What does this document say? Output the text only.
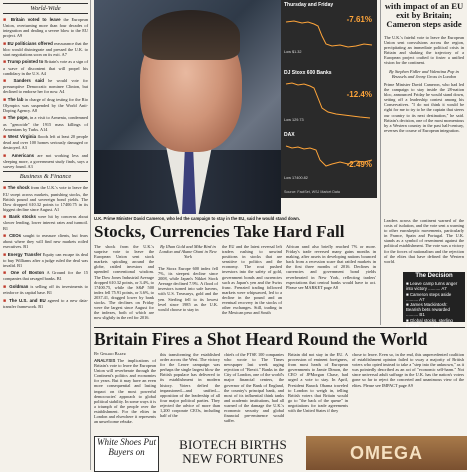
World-Wide

■ Britain voted to leave the European Union, overturning more than four decades of integration and dealing a severe blow to the EU project. A9

■ EU politicians offered reassurance that the bloc would disintegrate and pressed the U.K. to start negotiations soon on its exit. A7

■ Trump pointed to Britain's vote as a sign of a wave of discontent that will propel his candidacy in the U.S. A4

■ Sanders said he would vote for presumptive Democratic nominee Clinton, but declined to endorse her for now. A4

■ The lab in charge of drug testing for the Rio Olympics was suspended by the World Anti-Doping Agency. A8

■ The pope, in a visit to Armenia, condemned as "genocide" the 1915 mass killings of Armenians by Turks. A14

■ West Virginia floods left at least 20 people dead and over 100 homes seriously damaged or destroyed. A3

■ Americans are not working less and sleeping more, a government study finds, says a survey found. A3

Business & Finance

■ The shock from the U.K.'s vote to leave the EU swept across markets, punishing stocks, the British pound and sovereign bond yields. The Dow dropped 610.32 points to 17400.75 in its biggest decline since August. A1

■ Bank stocks were hit by concerns about slower lending, lower interest rates and turmoil. B1

■ CEOs sought to reassure clients, but fears about where they will find new markets roiled executives. B1

■ Energy Transfer Equity can escape its deal to buy Williams after a judge ruled the deal was invalid. B1

■ One of Boston A Ground for the 15 companies that ravaged banks. B1

■ Goldman is selling off its investments to reinforce its capital base. B1

■ The U.S. and EU agreed to a new data-transfer framework. B1

Thursday and Friday
-7.61%
Low $1.32
DJ Stoxx 600 Banks
-12.4%
Low 129.73
DAX
-2.49%
Low 17400.82
Source: FactSet, WSJ Market Data
with impact of an EU exit by Britain; Cameron steps aside
The U.K.'s fateful vote to leave the European Union sent convulsions across the region, precipitating an immediate political crisis in Britain and shaking the trajectory of a European project crafted to foster a unified vision for the continent.
By Stephen Fidler and Valentina Pop in Brussels and Jenny Gross in London
Prime Minister David Cameron, who had led the campaign to stay inside the 28-nation bloc, announced Friday he would stand down, setting off a leadership contest among his Conservatives. "I do not think it would be right for me to try to be the captain that steers our country to its next destination," he said. Britain's decision, one of the most momentous by a Western country in the past half-century, reverses the course of European integration.
Leaders across the continent warned of the costs of isolation, and the vote sent a warning to other euroskeptic movements, particularly in France, Spain and Portugal. The U.K. stands as a symbol of resentment against the political establishment. The vote was a victory for the forces of nationalism and the rejection of the elites that have defined the Western world.
The Decision
■ Leave camp turns anger into victory .......... A7
■ Cameron steps aside .......... A7
■ James Mackintosh: Bearish bets rewarded .......... B1
■ Global stocks, sterling tumble .......... C1
U.K. Prime Minister David Cameron, who led the campaign to stay in the EU, said he would stand down.
Stocks, Currencies Take Hard Fall
The shock from the U.K.'s surprise vote to leave the European Union sent stock markets spiraling around the globe, rattled investors and upended conventional wisdom. The Dow Jones Industrial Average dropped 610.32 points, or 3.4%, to 17400.75, while the S&P 500 index fell 75.91 points, or 3.6%, to 2037.41, dragged lower by bank stocks. The declines on Friday were the largest since August for the indexes, both of which are now slightly in the red for 2016.
By Ilhan Gold and Mike Bird in London and Akane Otani in New York
The Stoxx Europe 600 index fell 7%, its steepest decline since 2008, while Japan's Nikkei Stock Average declined 7.9%. A flood of investors turned into safe havens, with U.S. Treasurys, gold and the yen. Sterling fell to its lowest level since 1985 as the U.K. would choose to stay in
the EU and the latest reversal left traders rushing to unwind positions in stocks that are sensitive to politics and the economy. The rout pushed investors into the safety of gold, government bonds and currencies such as Japan's yen and the Swiss franc. Frenzied trading followed markets were whipsawed, led to a decline in the pound and an eventual recovery in the stocks of other exchanges. Still, trading in the Mexican peso and South
African rand also briefly reached 7% or more. Friday's trade reversed many gains months in making, after assets in developing nations bounced back from a recession scare that rattled markets in the first three months of 2016. Declines in currencies and government bond yields reverberated in New York, reflecting traders' expectations that central banks would have to act. Please see MARKET page A8
Britain Fires a Shot Heard Round the World
By Gerard Baker
ANALYSIS The implications of Britain's vote to leave the European Union will reverberate through the Continent's politics and economies for years. But it may have an even more consequential and lasting impact on the most powerful democracies' approach to global political stability. In some ways it is a triumph of the people over the establishment. For the elites in London and elsewhere it represents an unwelcome rebuke.
this transforming the established order across the West. The victory for the Leave campaign was perhaps the single largest blow the British populace has delivered to its establishment in modern history. Voters defied the impassioned—and unified—opposition of the leadership of all four major political parties. They rejected the advice of more than 1,200 corporate CEOs, including half of the
chiefs of the FTSE 100 companies who wrote to The Times newspaper last week urging rejection of "Brexit." Banks in the City of London, one of the world's major financial centers, the governor of the Bank of England, the country's principal bank, and most of its influential think tanks and academic institutions, had all warned of the damage the U.K.'s economic security and global financial pre-eminence would suffer.
Britain did not stay in the EU. A procession of eminent foreigners, from most heads of European governments to Jamie Dimon, the CEO of JPMorgan Chase, had urged a vote to stay. In April, President Barack Obama traveled to London to weigh in, telling British voters that Britain would go to "the back of the queue" in negotiations for trade agreements with the United States if they
chose to leave. Even so, in the end, this unprecedented coalition of establishment opinion failed to sway a majority of British voters who opted instead to take a "step into the unknown," as it was pointedly described as an act of "economic self-harm." Not since universal adult suffrage in the U.K. has the nation's voters gone so far to reject the concerted and unanimous view of the elites. Please see IMPACT page A9
White Shoes Put Buyers on	BIOTECH BIRTHS NEW FORTUNES	OMEGA
